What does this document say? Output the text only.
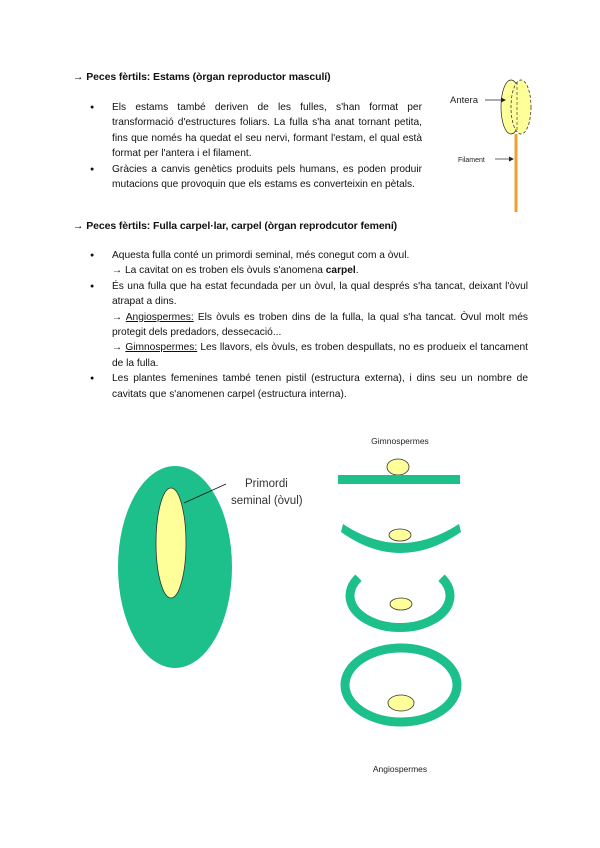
→ Peces fèrtils: Estams (òrgan reproductor masculí)
● Els estams també deriven de les fulles, s'han format per transformació d'estructures foliars. La fulla s'ha anat tornant petita, fins que només ha quedat el seu nervi, formant l'estam, el qual està format per l'antera i el filament.
● Gràcies a canvis genètics produits pels humans, es poden produir mutacions que provoquin que els estams es converteixin en pètals.
Antera
Filament
→ Peces fèrtils: Fulla carpel·lar, carpel (òrgan reprodcutor femení)
● Aquesta fulla conté un primordi seminal, més conegut com a òvul.
→ La cavitat on es troben els òvuls s'anomena carpel.
● És una fulla que ha estat fecundada per un òvul, la qual després s'ha tancat, deixant l'òvul atrapat a dins.
→ Angiospermes: Els òvuls es troben dins de la fulla, la qual s'ha tancat. Òvul molt més protegit dels predadors, dessecació...
→ Gimnospermes: Les llavors, els òvuls, es troben despullats, no es produeix el tancament de la fulla.
● Les plantes femenines també tenen pistil (estructura externa), i dins seu un nombre de cavitats que s'anomenen carpel (estructura interna).
Primordi
seminal (òvul)
Gimnospermes
Angiospermes
